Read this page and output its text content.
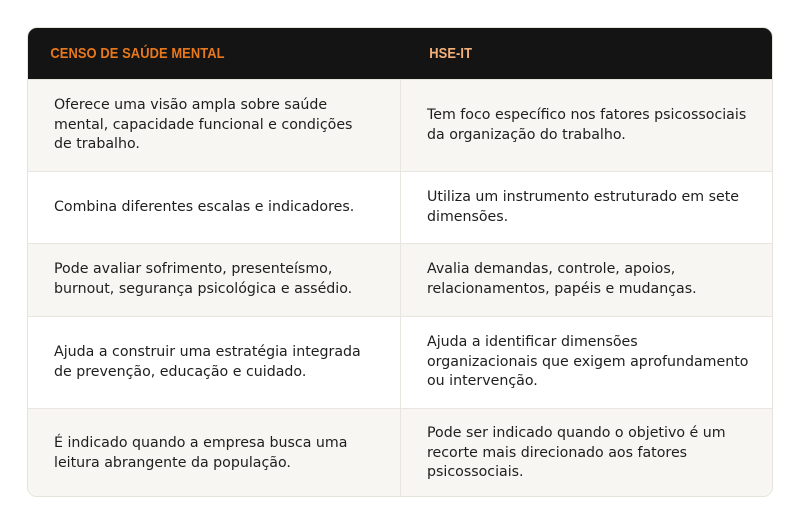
CENSO DE SAÚDE MENTAL	HSE-IT
Oferece uma visão ampla sobre saúde mental, capacidade funcional e condições de trabalho.
Tem foco específico nos fatores psicossociais da organização do trabalho.
Combina diferentes escalas e indicadores.
Utiliza um instrumento estruturado em sete dimensões.
Pode avaliar sofrimento, presenteísmo, burnout, segurança psicológica e assédio.
Avalia demandas, controle, apoios, relacionamentos, papéis e mudanças.
Ajuda a construir uma estratégia integrada de prevenção, educação e cuidado.
Ajuda a identificar dimensões organizacionais que exigem aprofundamento ou intervenção.
É indicado quando a empresa busca uma leitura abrangente da população.
Pode ser indicado quando o objetivo é um recorte mais direcionado aos fatores psicossociais.
